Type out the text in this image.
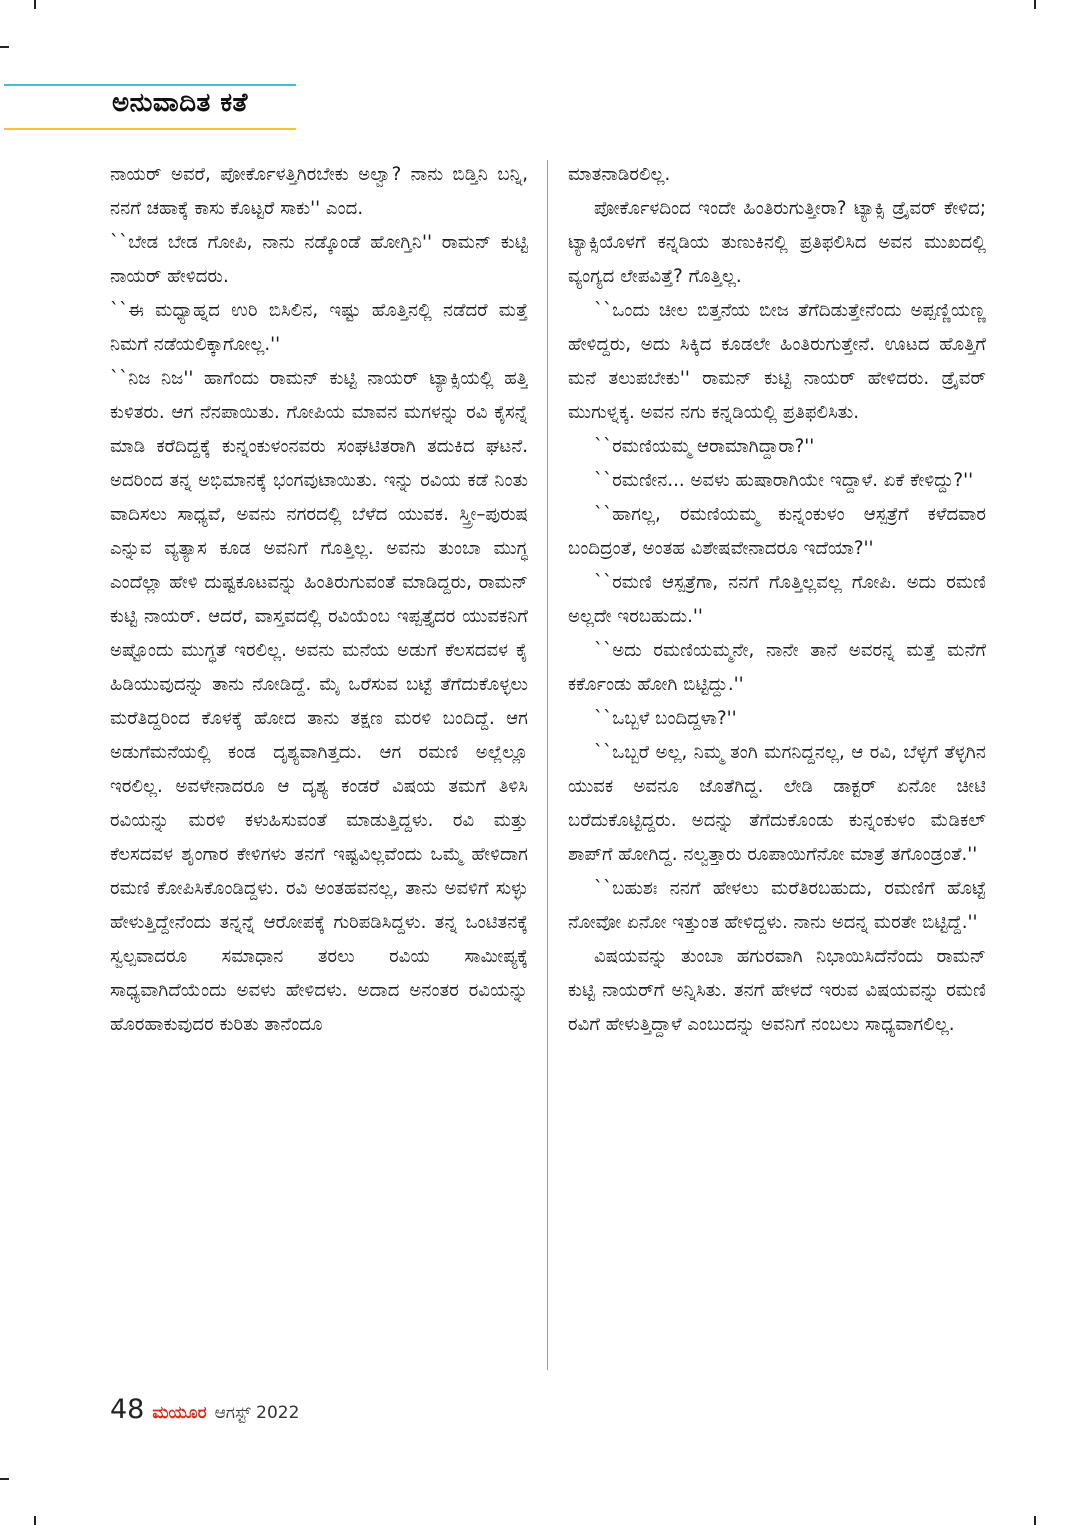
ಅನುವಾದಿತ ಕತೆ

ನಾಯರ್ ಅವರೆ, ಪೋರ್ಕೊಳತ್ತಿಗಿರಬೇಕು ಅಲ್ವಾ? ನಾನು ಬಿಡ್ತಿನಿ ಬನ್ನಿ, ನನಗೆ ಚಹಾಕ್ಕೆ ಕಾಸು ಕೊಟ್ಟರೆ ಸಾಕು'' ಎಂದ.

``ಬೇಡ ಬೇಡ ಗೋಪಿ, ನಾನು ನಡ್ಕೊಂಡೆ ಹೋಗ್ತಿನಿ'' ರಾಮನ್ ಕುಟ್ಟಿ ನಾಯರ್ ಹೇಳಿದರು.

``ಈ ಮಧ್ಯಾಹ್ನದ ಉರಿ ಬಿಸಿಲಿನ, ಇಷ್ಟು ಹೊತ್ತಿನಲ್ಲಿ ನಡೆದರೆ ಮತ್ತೆ ನಿಮಗೆ ನಡೆಯಲಿಕ್ಕಾಗೋಲ್ಲ.''

``ನಿಜ ನಿಜ'' ಹಾಗೆಂದು ರಾಮನ್ ಕುಟ್ಟಿ ನಾಯರ್ ಟ್ಯಾಕ್ಸಿಯಲ್ಲಿ ಹತ್ತಿ ಕುಳಿತರು. ಆಗ ನೆನಪಾಯಿತು. ಗೋಪಿಯ ಮಾವನ ಮಗಳನ್ನು ರವಿ ಕೈಸನ್ನೆ ಮಾಡಿ ಕರೆದಿದ್ದಕ್ಕೆ ಕುನ್ನಂಕುಳಂನವರು ಸಂಘಟಿತರಾಗಿ ತದುಕಿದ ಘಟನೆ. ಅದರಿಂದ ತನ್ನ ಅಭಿಮಾನಕ್ಕೆ ಭಂಗವುಟಾಯಿತು. ಇನ್ನು ರವಿಯ ಕಡೆ ನಿಂತು ವಾದಿಸಲು ಸಾಧ್ಯವೆ, ಅವನು ನಗರದಲ್ಲಿ ಬೆಳೆದ ಯುವಕ. ಸ್ತ್ರೀ–ಪುರುಷ ಎನ್ನುವ ವ್ಯತ್ಯಾಸ ಕೂಡ ಅವನಿಗೆ ಗೊತ್ತಿಲ್ಲ. ಅವನು ತುಂಬಾ ಮುಗ್ಧ ಎಂದೆಲ್ಲಾ ಹೇಳಿ ದುಷ್ಟಕೂಟವನ್ನು ಹಿಂತಿರುಗುವಂತೆ ಮಾಡಿದ್ದರು, ರಾಮನ್ ಕುಟ್ಟಿ ನಾಯರ್. ಆದರೆ, ವಾಸ್ತವದಲ್ಲಿ ರವಿಯೆಂಬ ಇಪ್ಪತ್ತೈದರ ಯುವಕನಿಗೆ ಅಷ್ಟೊಂದು ಮುಗ್ಧತೆ ಇರಲಿಲ್ಲ. ಅವನು ಮನೆಯ ಅಡುಗೆ ಕೆಲಸದವಳ ಕೈ ಹಿಡಿಯುವುದನ್ನು ತಾನು ನೋಡಿದ್ದೆ. ಮೈ ಒರೆಸುವ ಬಟ್ಟೆ ತೆಗೆದುಕೊಳ್ಳಲು ಮರೆತಿದ್ದರಿಂದ ಕೊಳಕ್ಕೆ ಹೋದ ತಾನು ತಕ್ಷಣ ಮರಳಿ ಬಂದಿದ್ದೆ. ಆಗ ಅಡುಗೆಮನೆಯಲ್ಲಿ ಕಂಡ ದೃಶ್ಯವಾಗಿತ್ತದು. ಆಗ ರಮಣಿ ಅಲ್ಲೆಲ್ಲೂ ಇರಲಿಲ್ಲ. ಅವಳೇನಾದರೂ ಆ ದೃಶ್ಯ ಕಂಡರೆ ವಿಷಯ ತಮಗೆ ತಿಳಿಸಿ ರವಿಯನ್ನು ಮರಳಿ ಕಳುಹಿಸುವಂತೆ ಮಾಡುತ್ತಿದ್ದಳು. ರವಿ ಮತ್ತು ಕೆಲಸದವಳ ಶೃಂಗಾರ ಕೇಳಿಗಳು ತನಗೆ ಇಷ್ಟವಿಲ್ಲವೆಂದು ಒಮ್ಮೆ ಹೇಳಿದಾಗ ರಮಣಿ ಕೋಪಿಸಿಕೊಂಡಿದ್ದಳು. ರವಿ ಅಂತಹವನಲ್ಲ, ತಾನು ಅವಳಿಗೆ ಸುಳ್ಳು ಹೇಳುತ್ತಿದ್ದೇನೆಂದು ತನ್ನನ್ನೆ ಆರೋಪಕ್ಕೆ ಗುರಿಪಡಿಸಿದ್ದಳು. ತನ್ನ ಒಂಟಿತನಕ್ಕೆ ಸ್ವಲ್ಪವಾದರೂ ಸಮಾಧಾನ ತರಲು ರವಿಯ ಸಾಮೀಪ್ಯಕ್ಕೆ ಸಾಧ್ಯವಾಗಿದೆಯೆಂದು ಅವಳು ಹೇಳಿದಳು. ಅದಾದ ಅನಂತರ ರವಿಯನ್ನು ಹೊರಹಾಕುವುದರ ಕುರಿತು ತಾನೆಂದೂ

ಮಾತನಾಡಿರಲಿಲ್ಲ.

ಪೋರ್ಕೊಳದಿಂದ ಇಂದೇ ಹಿಂತಿರುಗುತ್ತೀರಾ? ಟ್ಯಾಕ್ಸಿ ಡ್ರೈವರ್ ಕೇಳಿದ; ಟ್ಯಾಕ್ಸಿಯೊಳಗೆ ಕನ್ನಡಿಯ ತುಣುಕಿನಲ್ಲಿ ಪ್ರತಿಫಲಿಸಿದ ಅವನ ಮುಖದಲ್ಲಿ ವ್ಯಂಗ್ಯದ ಲೇಪವಿತ್ತೆ? ಗೊತ್ತಿಲ್ಲ.

``ಒಂದು ಚೀಲ ಬಿತ್ತನೆಯ ಬೀಜ ತೆಗೆದಿಡುತ್ತೇನೆಂದು ಅಪ್ಪಣ್ಣಿಯಣ್ಣ ಹೇಳಿದ್ದರು, ಅದು ಸಿಕ್ಕಿದ ಕೂಡಲೇ ಹಿಂತಿರುಗುತ್ತೇನೆ. ಊಟದ ಹೊತ್ತಿಗೆ ಮನೆ ತಲುಪಬೇಕು'' ರಾಮನ್ ಕುಟ್ಟಿ ನಾಯರ್ ಹೇಳಿದರು. ಡ್ರೈವರ್ ಮುಗುಳ್ನಕ್ಕ. ಅವನ ನಗು ಕನ್ನಡಿಯಲ್ಲಿ ಪ್ರತಿಫಲಿಸಿತು.

``ರಮಣಿಯಮ್ಮ ಆರಾಮಾಗಿದ್ದಾರಾ?''

``ರಮಣೀನ... ಅವಳು ಹುಷಾರಾಗಿಯೇ ಇದ್ದಾಳೆ. ಏಕೆ ಕೇಳಿದ್ದು?''

``ಹಾಗಲ್ಲ, ರಮಣಿಯಮ್ಮ ಕುನ್ನಂಕುಳಂ ಆಸ್ಪತ್ರೆಗೆ ಕಳೆದವಾರ ಬಂದಿದ್ರಂತೆ, ಅಂತಹ ವಿಶೇಷವೇನಾದರೂ ಇದೆಯಾ?''

``ರಮಣಿ ಆಸ್ಪತ್ರೆಗಾ, ನನಗೆ ಗೊತ್ತಿಲ್ಲವಲ್ಲ ಗೋಪಿ. ಅದು ರಮಣಿ ಅಲ್ಲದೇ ಇರಬಹುದು.''

``ಅದು ರಮಣಿಯಮ್ಮನೇ, ನಾನೇ ತಾನೆ ಅವರನ್ನ ಮತ್ತೆ ಮನೆಗೆ ಕರ್ಕೊಂಡು ಹೋಗಿ ಬಿಟ್ಟಿದ್ದು.''

``ಒಬ್ಬಳೆ ಬಂದಿದ್ದಳಾ?''

``ಒಬ್ಬರೆ ಅಲ್ಲ, ನಿಮ್ಮ ತಂಗಿ ಮಗನಿದ್ದನಲ್ಲ, ಆ ರವಿ, ಬೆಳ್ಳಗೆ ತೆಳ್ಳಗಿನ ಯುವಕ ಅವನೂ ಜೊತೆಗಿದ್ದ. ಲೇಡಿ ಡಾಕ್ಟರ್ ಏನೋ ಚೀಟಿ ಬರೆದುಕೊಟ್ಟಿದ್ದರು. ಅದನ್ನು ತೆಗೆದುಕೊಂಡು ಕುನ್ನಂಕುಳಂ ಮೆಡಿಕಲ್ ಶಾಪ್‌ಗೆ ಹೋಗಿದ್ದ. ನಲ್ವತ್ತಾರು ರೂಪಾಯಿಗೆನೋ ಮಾತ್ರೆ ತಗೊಂಡ್ರಂತೆ.''

``ಬಹುಶಃ ನನಗೆ ಹೇಳಲು ಮರೆತಿರಬಹುದು, ರಮಣಿಗೆ ಹೊಟ್ಟೆ ನೋವೋ ಏನೋ ಇತ್ತುಂತ ಹೇಳಿದ್ದಳು. ನಾನು ಅದನ್ನ ಮರತೇ ಬಿಟ್ಟಿದ್ದೆ.''

ವಿಷಯವನ್ನು ತುಂಬಾ ಹಗುರವಾಗಿ ನಿಭಾಯಿಸಿದೆನೆಂದು ರಾಮನ್ ಕುಟ್ಟಿ ನಾಯರ್‌ಗೆ ಅನ್ನಿಸಿತು. ತನಗೆ ಹೇಳದೆ ಇರುವ ವಿಷಯವನ್ನು ರಮಣಿ ರವಿಗೆ ಹೇಳುತ್ತಿದ್ದಾಳೆ ಎಂಬುದನ್ನು ಅವನಿಗೆ ನಂಬಲು ಸಾಧ್ಯವಾಗಲಿಲ್ಲ.

48 ಮಯೂರ ಆಗಸ್ಟ್ 2022
